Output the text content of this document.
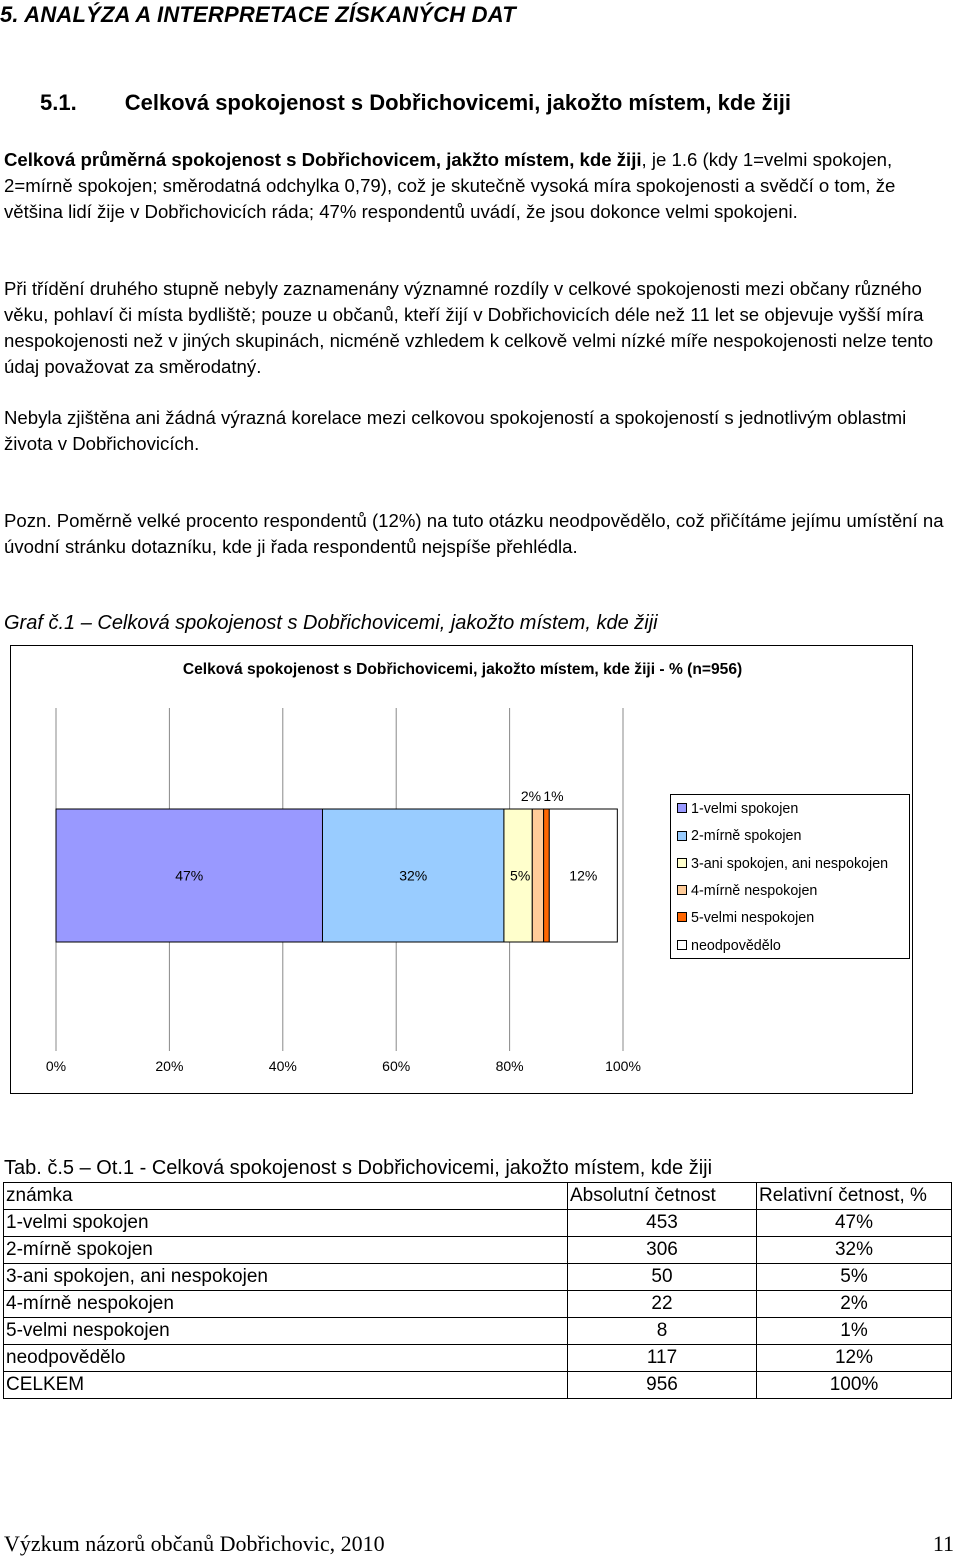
5. ANALÝZA A INTERPRETACE ZÍSKANÝCH DAT
5.1. Celková spokojenost s Dobřichovicemi, jakožto místem, kde žiji
Celková průměrná spokojenost s Dobřichovicem, jakžto místem, kde žiji, je 1.6 (kdy 1=velmi spokojen, 2=mírně spokojen; směrodatná odchylka 0,79), což je skutečně vysoká míra spokojenosti a svědčí o tom, že většina lidí žije v Dobřichovicích ráda; 47% respondentů uvádí, že jsou dokonce velmi spokojeni.
Při třídění druhého stupně nebyly zaznamenány významné rozdíly v celkové spokojenosti mezi občany různého věku, pohlaví či místa bydliště; pouze u občanů, kteří žijí v Dobřichovicích déle než 11 let se objevuje vyšší míra nespokojenosti než v jiných skupinách, nicméně vzhledem k celkově velmi nízké míře nespokojenosti nelze tento údaj považovat za směrodatný.
Nebyla zjištěna ani žádná výrazná korelace mezi celkovou spokojeností a spokojeností s jednotlivým oblastmi života v Dobřichovicích.
Pozn. Poměrně velké procento respondentů (12%) na tuto otázku neodpovědělo, což přičítáme jejímu umístění na úvodní stránku dotazníku, kde ji řada respondentů nejspíše přehlédla.
Graf č.1 – Celková spokojenost s Dobřichovicemi, jakožto místem, kde žiji
Celková spokojenost s Dobřichovicemi, jakožto místem, kde žiji - % (n=956)
47%	32%	5%
2% 1%
12%
0%	20%	40%	60%	80%	100%
1-velmi spokojen
2-mírně spokojen
3-ani spokojen, ani nespokojen
4-mírně nespokojen
5-velmi nespokojen
neodpovědělo
Tab. č.5 – Ot.1 - Celková spokojenost s Dobřichovicemi, jakožto místem, kde žiji
známka	Absolutní četnost	Relativní četnost, %
1-velmi spokojen	453	47%
2-mírně spokojen	306	32%
3-ani spokojen, ani nespokojen	50	5%
4-mírně nespokojen	22	2%
5-velmi nespokojen	8	1%
neodpovědělo	117	12%
CELKEM	956	100%
Výzkum názorů občanů Dobřichovic, 2010	11
